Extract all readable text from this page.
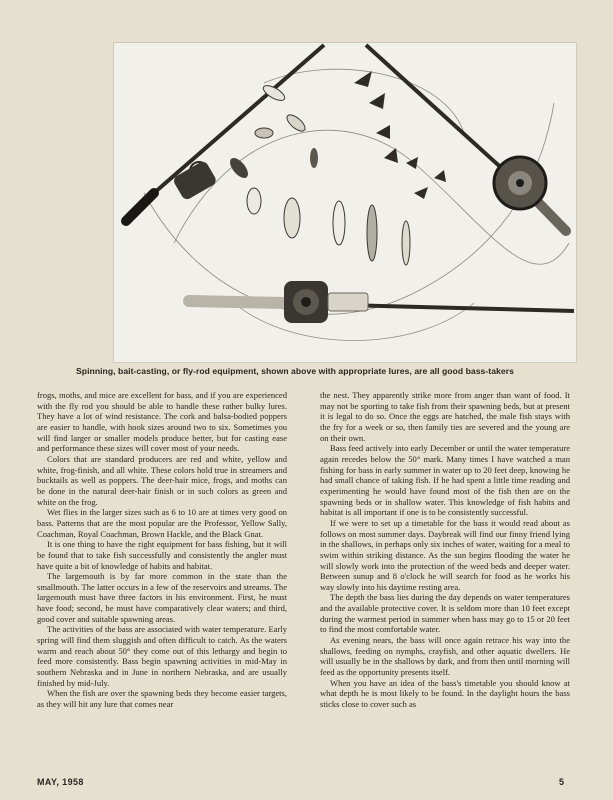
Spinning, bait-casting, or fly-rod equipment, shown above with appropriate lures, are all good bass-takers

frogs, moths, and mice are excellent for bass, and if you are experienced with the fly rod you should be able to handle these rather bulky lures. They have a lot of wind resistance. The cork and balsa-bodied poppers are easier to handle, with hook sizes around two to six. Sometimes you will find larger or smaller models produce better, but for casting ease and performance these sizes will cover most of your needs.

Colors that are standard producers are red and white, yellow and white, frog-finish, and all white. These colors hold true in streamers and bucktails as well as poppers. The deer-hair mice, frogs, and moths can be done in the natural deer-hair finish or in such colors as green and white on the frog.

Wet flies in the larger sizes such as 6 to 10 are at times very good on bass. Patterns that are the most popular are the Professor, Yellow Sally, Coachman, Royal Coachman, Brown Hackle, and the Black Gnat.

It is one thing to have the right equipment for bass fishing, but it will be found that to take fish successfully and consistently the angler must have quite a bit of knowledge of habits and habitat.

The largemouth is by far more common in the state than the smallmouth. The latter occurs in a few of the reservoirs and streams. The largemouth must have three factors in his environment. First, he must have food; second, he must have comparatively clear waters; and third, good cover and suitable spawning areas.

The activities of the bass are associated with water temperature. Early spring will find them sluggish and often difficult to catch. As the waters warm and reach about 50° they come out of this lethargy and begin to feed more consistently. Bass begin spawning activities in mid-May in southern Nebraska and in June in northern Nebraska, and are usually finished by mid-July.

When the fish are over the spawning beds they become easier targets, as they will hit any lure that comes near

the nest. They apparently strike more from anger than want of food. It may not be sporting to take fish from their spawning beds, but at present it is legal to do so. Once the eggs are hatched, the male fish stays with the fry for a week or so, then family ties are severed and the young are on their own.

Bass feed actively into early December or until the water temperature again recedes below the 50° mark. Many times I have watched a man fishing for bass in early summer in water up to 20 feet deep, knowing he had small chance of taking fish. If he had spent a little time reading and experimenting he would have found most of the fish then are on the spawning beds or in shallow water. This knowledge of fish habits and habitat is all important if one is to be consistently successful.

If we were to set up a timetable for the bass it would read about as follows on most summer days. Daybreak will find our finny friend lying in the shallows, in perhaps only six inches of water, waiting for a meal to swim within striking distance. As the sun begins flooding the water he will slowly work into the protection of the weed beds and deeper water. Between sunup and 8 o'clock he will search for food as he works his way slowly into his daytime resting area.

The depth the bass lies during the day depends on water temperatures and the available protective cover. It is seldom more than 10 feet except during the warmest period in summer when bass may go to 15 or 20 feet to find the most comfortable water.

As evening nears, the bass will once again retrace his way into the shallows, feeding on nymphs, crayfish, and other aquatic dwellers. He will usually be in the shallows by dark, and from then until morning will feed as the opportunity presents itself.

When you have an idea of the bass's timetable you should know at what depth he is most likely to be found. In the daylight hours the bass sticks close to cover such as

MAY, 1958	5
